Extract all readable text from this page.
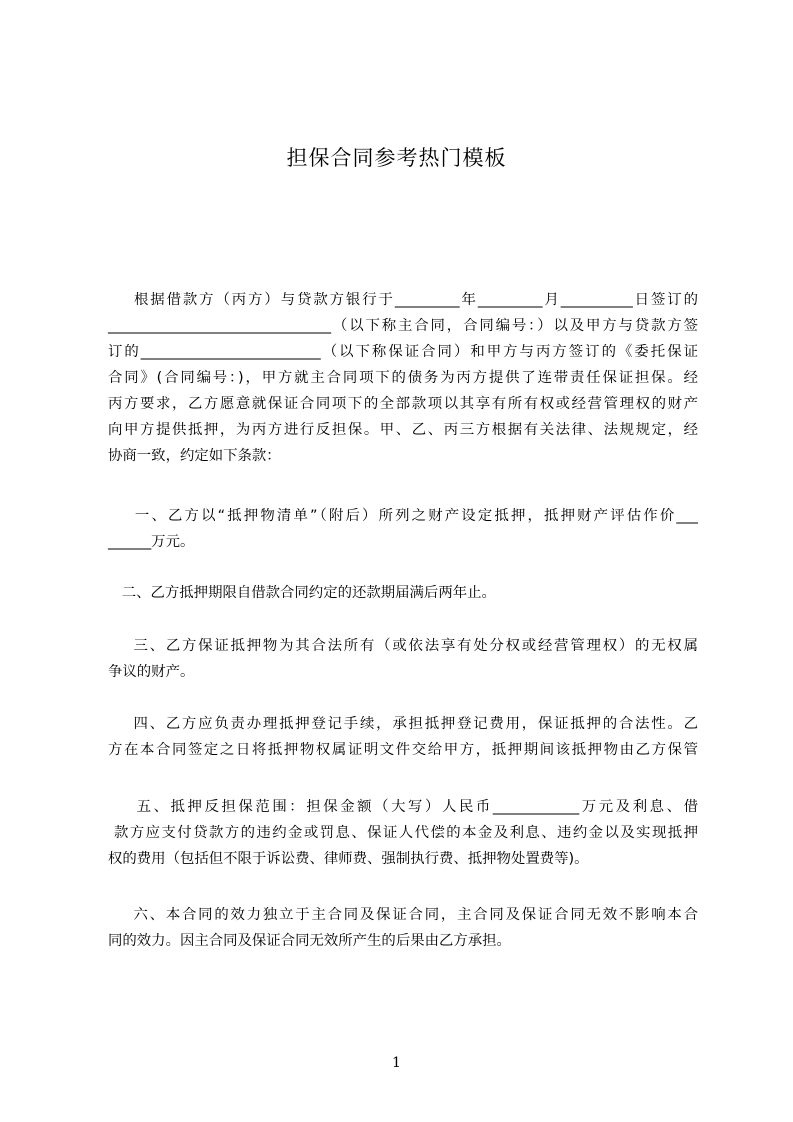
担保合同参考热门模板
根据借款方（丙方）与贷款方银行于_________年_________月__________日签订的
_______________________________（以下称主合同，合同编号：）以及甲方与贷款方签
订的_________________________（以下称保证合同）和甲方与丙方签订的《委托保证
合同》(合同编号：)，甲方就主合同项下的债务为丙方提供了连带责任保证担保。经
丙方要求，乙方愿意就保证合同项下的全部款项以其享有所有权或经营管理权的财产
向甲方提供抵押，为丙方进行反担保。甲、乙、丙三方根据有关法律、法规规定，经
协商一致，约定如下条款：
一、乙方以“抵押物清单”（附后）所列之财产设定抵押，抵押财产评估作价___
______万元。
二、乙方抵押期限自借款合同约定的还款期届满后两年止。
三、乙方保证抵押物为其合法所有（或依法享有处分权或经营管理权）的无权属
争议的财产。
四、乙方应负责办理抵押登记手续，承担抵押登记费用，保证抵押的合法性。乙
方在本合同签定之日将抵押物权属证明文件交给甲方，抵押期间该抵押物由乙方保管
五、抵押反担保范围：担保金额（大写）人民币____________万元及利息、借
款方应支付贷款方的违约金或罚息、保证人代偿的本金及利息、违约金以及实现抵押
权的费用（包括但不限于诉讼费、律师费、强制执行费、抵押物处置费等)。
六、本合同的效力独立于主合同及保证合同，主合同及保证合同无效不影响本合
同的效力。因主合同及保证合同无效所产生的后果由乙方承担。
1
